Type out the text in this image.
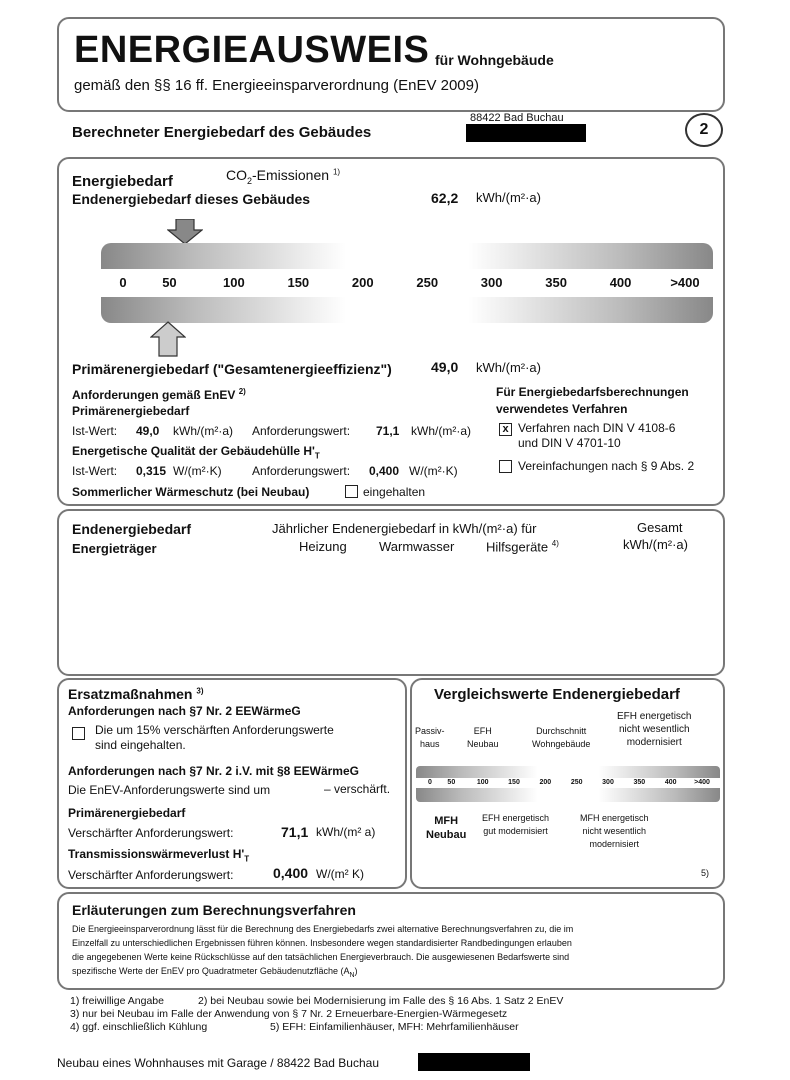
ENERGIEAUSWEIS für Wohngebäude
gemäß den §§ 16 ff. Energieeinsparverordnung (EnEV 2009)
Berechneter Energiebedarf des Gebäudes
88422 Bad Buchau
2
Energiebedarf	$CO_2$-Emissionen $^{1)}$
Endenergiebedarf dieses Gebäudes	62,2 kWh/(m²·a)
0	50	100	150	200	250	300	350	400	>400
Primärenergiebedarf ("Gesamtenergieeffizienz")	49,0 kWh/(m²·a)
Anforderungen gemäß EnEV $^{2)}$
Primärenergiebedarf
Ist-Wert: 49,0 kWh/(m²·a) Anforderungswert: 71,1 kWh/(m²·a)
Energetische Qualität der Gebäudehülle $H'_T$
Ist-Wert: 0,315 W/(m²·K)	Anforderungswert: 0,400 W/(m²·K)
Sommerlicher Wärmeschutz (bei Neubau)	eingehalten
Für Energiebedarfsberechnungen
verwendetes Verfahren
x Verfahren nach DIN V 4108-6
und DIN V 4701-10
Vereinfachungen nach § 9 Abs. 2
Endenergiebedarf
Energieträger
Jährlicher Endenergiebedarf in kWh/(m²·a) für
Heizung Warmwasser Hilfsgeräte $^{4)}$
Gesamt
kWh/(m²·a)
Ersatzmaßnahmen $^{3)}$
Anforderungen nach §7 Nr. 2 EEWärmeG
Die um 15% verschärften Anforderungswerte
sind eingehalten.
Anforderungen nach §7 Nr. 2 i.V. mit §8 EEWärmeG
Die EnEV-Anforderungswerte sind um	– verschärft.
Primärenergiebedarf
Verschärfter Anforderungswert:	71,1 kWh/(m² a)
Transmissionswärmeverlust $H'_T$
Verschärfter Anforderungswert:	0,400 W/(m² K)
Vergleichswerte Endenergiebedarf
Passiv-
haus
EFH
Neubau
Durchschnitt
Wohngebäude
EFH energetisch
nicht wesentlich
modernisiert
0	50	100	150	200	250	300	350	400	>400
MFH
Neubau
EFH energetisch
gut modernisiert
MFH energetisch
nicht wesentlich
modernisiert
5)
Erläuterungen zum Berechnungsverfahren
Die Energieeinsparverordnung lässt für die Berechnung des Energiebedarfs zwei alternative Berechnungsverfahren zu, die im
Einzelfall zu unterschiedlichen Ergebnissen führen können. Insbesondere wegen standardisierter Randbedingungen erlauben
die angegebenen Werte keine Rückschlüsse auf den tatsächlichen Energieverbrauch. Die ausgewiesenen Bedarfswerte sind
spezifische Werte der EnEV pro Quadratmeter Gebäudenutzfläche $(A_N)$
1) freiwillige Angabe	2) bei Neubau sowie bei Modernisierung im Falle des § 16 Abs. 1 Satz 2 EnEV
3) nur bei Neubau im Falle der Anwendung von § 7 Nr. 2 Erneuerbare-Energien-Wärmegesetz
4) ggf. einschließlich Kühlung	5) EFH: Einfamilienhäuser, MFH: Mehrfamilienhäuser
Neubau eines Wohnhauses mit Garage / 88422 Bad Buchau
